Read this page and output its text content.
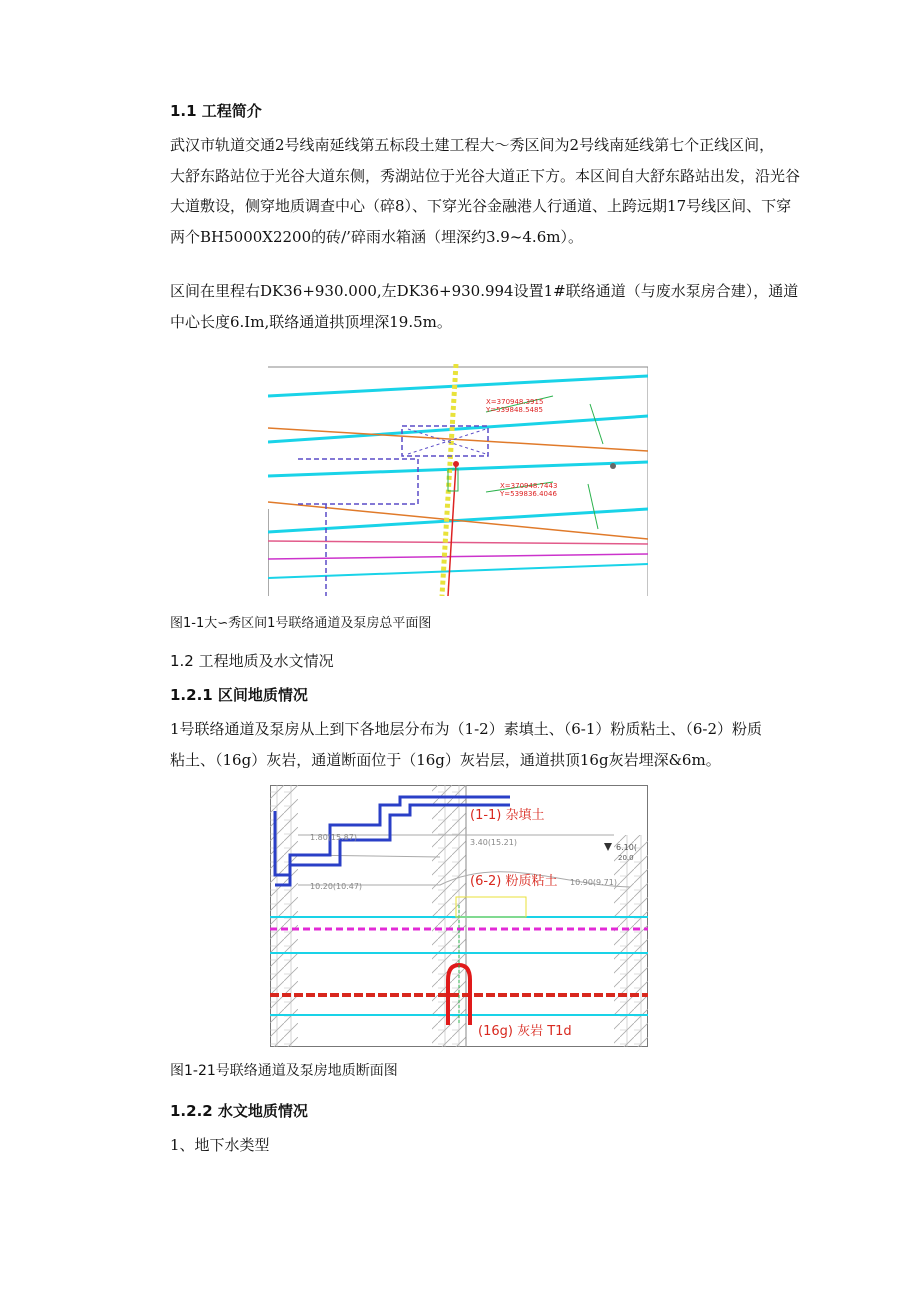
1.1 工程简介
武汉市轨道交通2号线南延线第五标段土建工程大～秀区间为2号线南延线第七个正线区间，
大舒东路站位于光谷大道东侧，秀湖站位于光谷大道正下方。本区间自大舒东路站出发，沿光谷
大道敷设，侧穿地质调查中心（碎8）、下穿光谷金融港人行通道、上跨远期17号线区间、下穿
两个BH5000X2200的砖/’碎雨水箱涵（埋深约3.9~4.6m）。
区间在里程右DK36+930.000,左DK36+930.994设置1#联络通道（与废水泵房合建），通道
中心长度6.Im,联络通道拱顶埋深19.5m。
X=370948.3915
Y=539848.5485
X=370948.7443
Y=539836.4046
图1-1大∽秀区间1号联络通道及泵房总平面图
1.2 工程地质及水文情况
1.2.1 区间地质情况
1号联络通道及泵房从上到下各地层分布为（1-2）素填土、（6-1）粉质粘土、（6-2）粉质
粘土、（16g）灰岩，通道断面位于（16g）灰岩层，通道拱顶16g灰岩埋深&6m。
(1-1) 杂填土
(6-2) 粉质粘土
(16g) 灰岩 T1d
1.80(15.87)
3.40(15.21)
10.20(10.47)	10.90(9.71)
6.10(
20.0
图1-21号联络通道及泵房地质断面图
1.2.2 水文地质情况
1、地下水类型
